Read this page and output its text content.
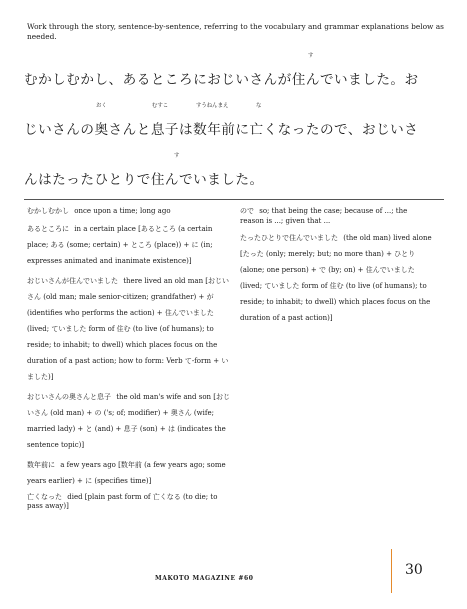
Work through the story, sentence-by-sentence, referring to the vocabulary and grammar explanations below as needed.
す
むかしむかし、あるところにおじいさんが住んでいました。お
おく	むすこ	すうねんまえ	な
じいさんの奥さんと息子は数年前に亡くなったので、おじいさ
す
んはたったひとりで住んでいました。
むかしむかし once upon a time; long ago
あるところに in a certain place [あるところ (a certain place; ある (some; certain) + ところ (place)) + に (in; expresses animated and inanimate existence)]
おじいさんが住んでいました there lived an old man [おじいさん (old man; male senior-citizen; grandfather) + が (identifies who performs the action) + 住んでいました (lived; ていました form of 住む (to live (of humans); to reside; to inhabit; to dwell) which places focus on the duration of a past action; how to form: Verb て-form + いました)]
おじいさんの奥さんと息子 the old man's wife and son [おじいさん (old man) + の ('s; of; modifier) + 奥さん (wife; married lady) + と (and) + 息子 (son) + は (indicates the sentence topic)]
数年前に a few years ago [数年前 (a few years ago; some years earlier) + に (specifies time)]
亡くなった died [plain past form of 亡くなる (to die; to pass away)]
ので so; that being the case; because of ...; the reason is ...; given that ...
たったひとりで住んでいました (the old man) lived alone [たった (only; merely; but; no more than) + ひとり (alone; one person) + で (by; on) + 住んでいました (lived; ていました form of 住む (to live (of humans); to reside; to inhabit; to dwell) which places focus on the duration of a past action)]
MAKOTO MAGAZINE #60
30
